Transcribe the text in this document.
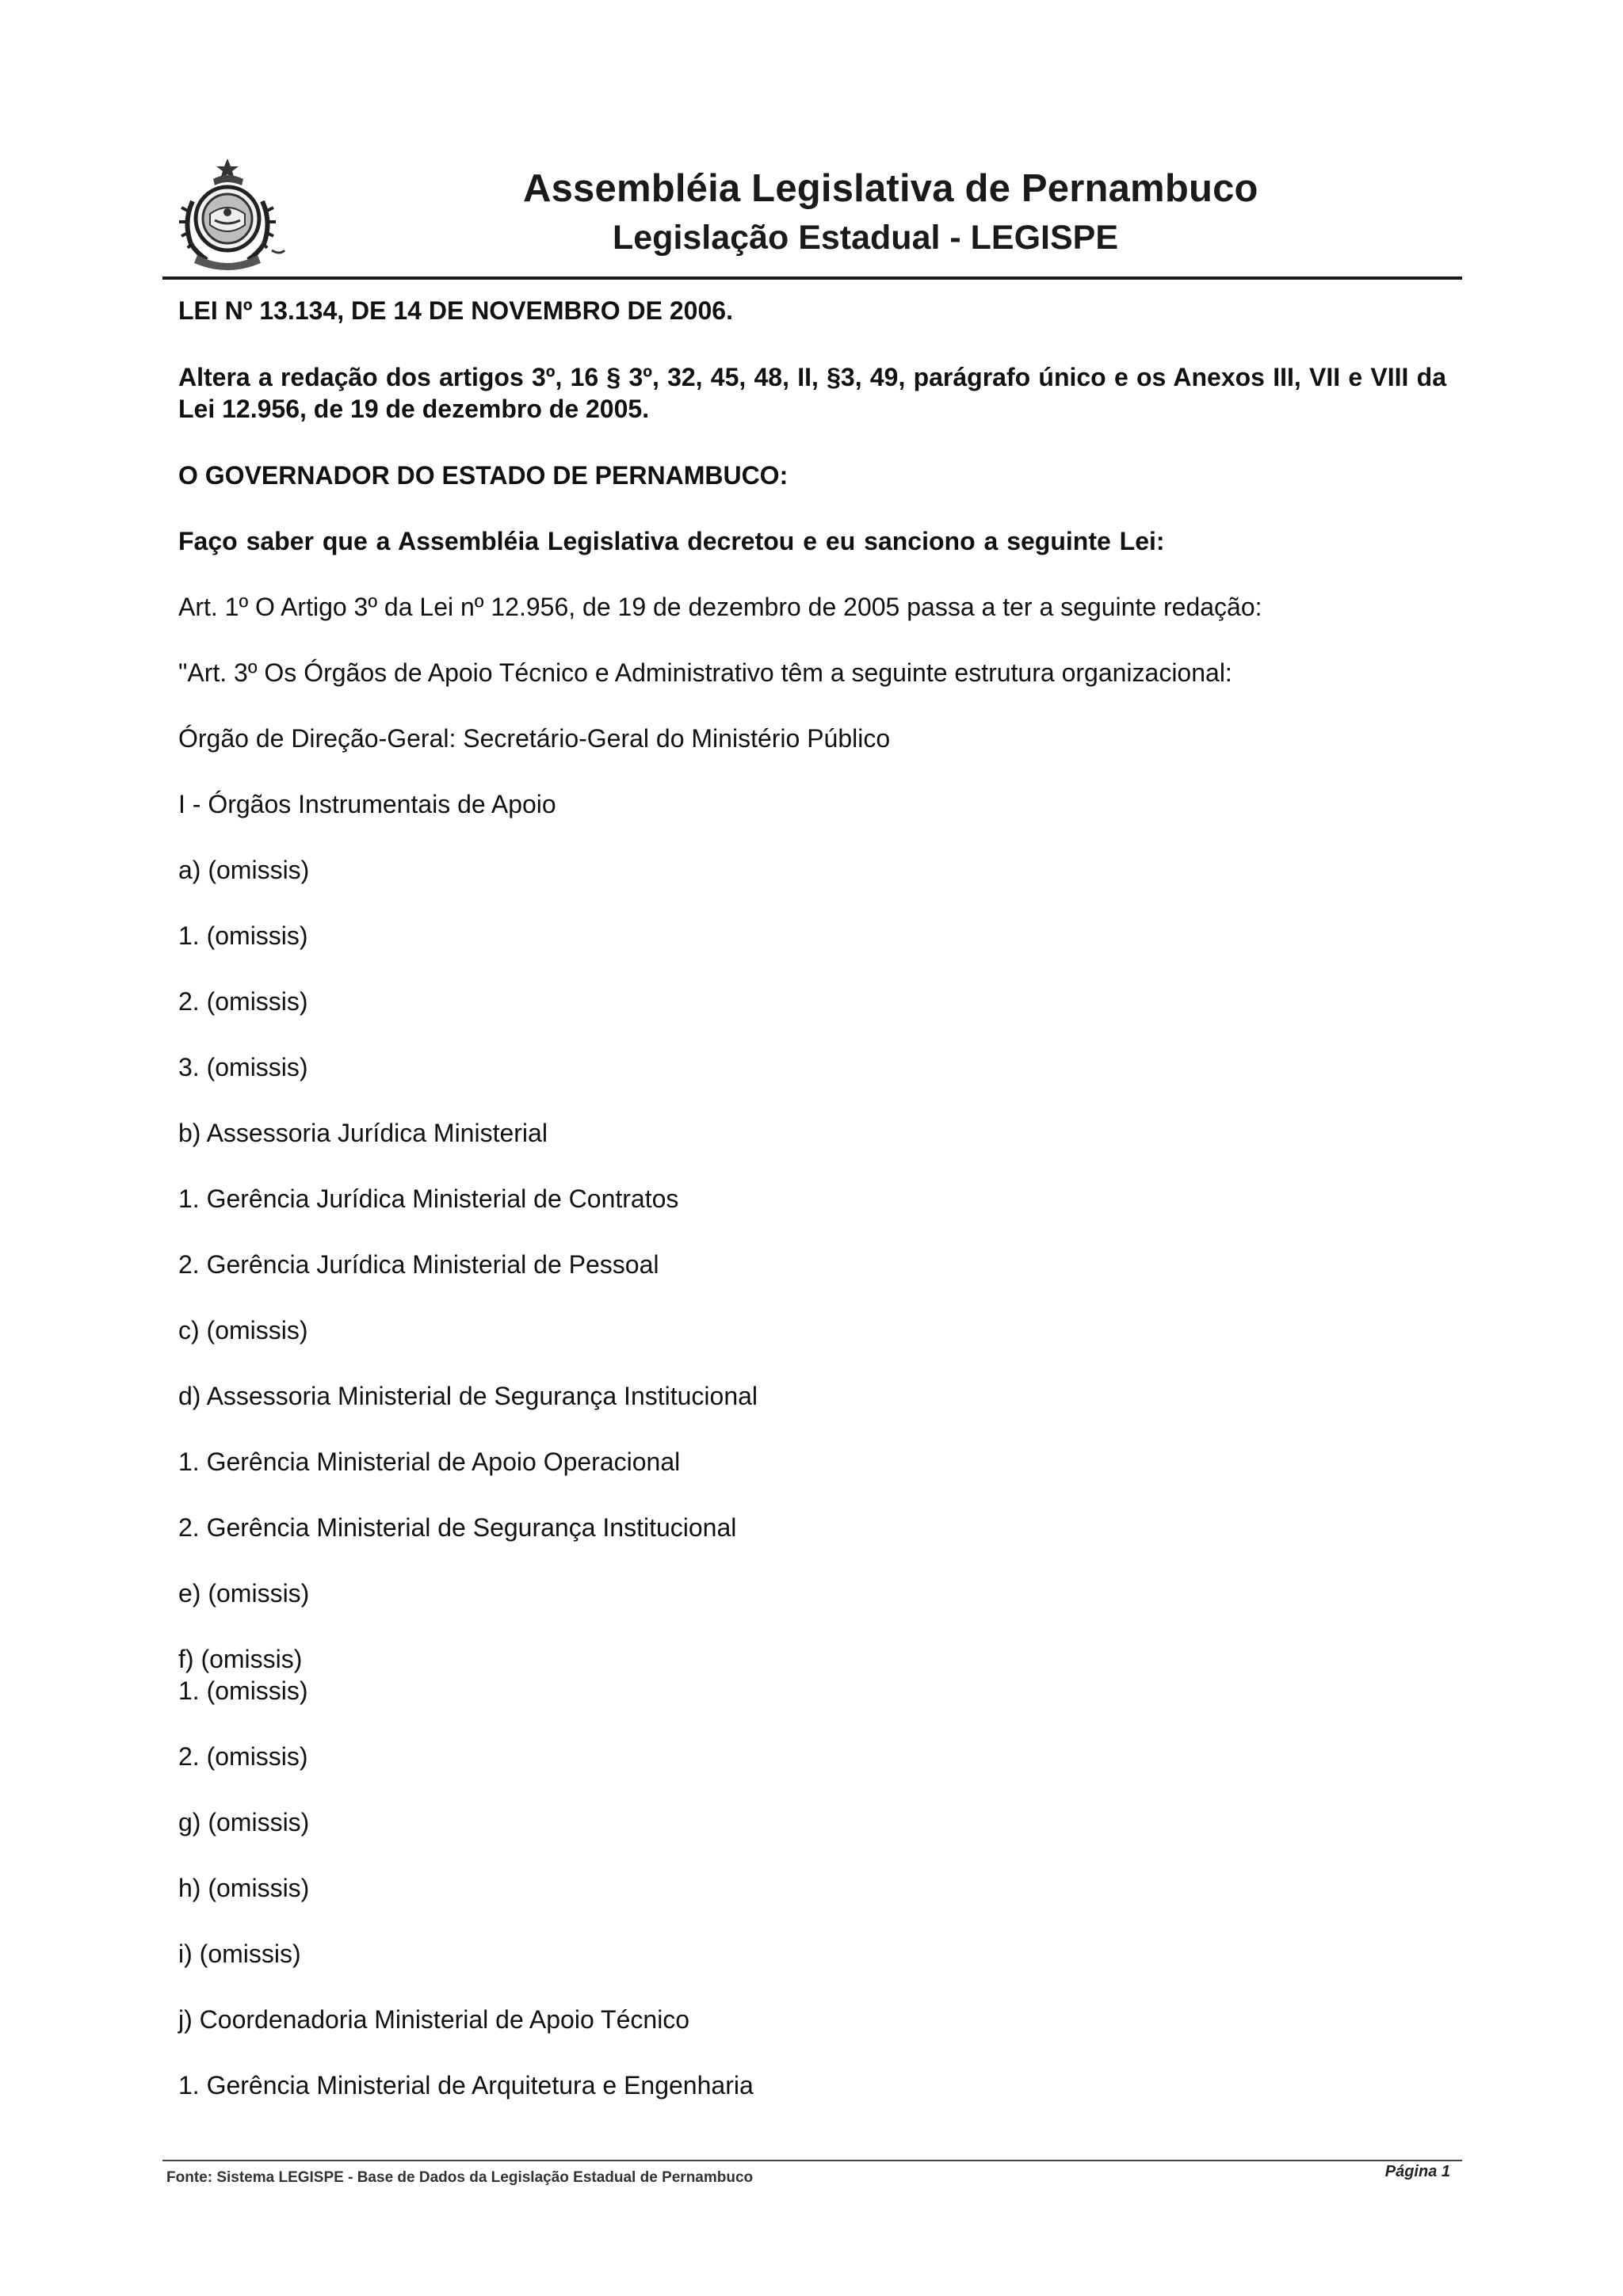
Assembléia Legislativa de Pernambuco
Legislação Estadual - LEGISPE

LEI Nº 13.134, DE 14 DE NOVEMBRO DE 2006.

Altera a redação dos artigos 3º, 16 § 3º, 32, 45, 48, II, §3, 49, parágrafo único e os Anexos III, VII e VIII da Lei 12.956, de 19 de dezembro de 2005.

O GOVERNADOR DO ESTADO DE PERNAMBUCO:

Faço saber que a Assembléia Legislativa decretou e eu sanciono a seguinte Lei:

Art. 1º O Artigo 3º da Lei nº 12.956, de 19 de dezembro de 2005 passa a ter a seguinte redação:

"Art. 3º Os Órgãos de Apoio Técnico e Administrativo têm a seguinte estrutura organizacional:

Órgão de Direção-Geral: Secretário-Geral do Ministério Público

I - Órgãos Instrumentais de Apoio

a) (omissis)

1. (omissis)

2. (omissis)

3. (omissis)

b) Assessoria Jurídica Ministerial

1. Gerência Jurídica Ministerial de Contratos

2. Gerência Jurídica Ministerial de Pessoal

c) (omissis)

d) Assessoria Ministerial de Segurança Institucional

1. Gerência Ministerial de Apoio Operacional

2. Gerência Ministerial de Segurança Institucional

e) (omissis)

f) (omissis)

1. (omissis)

2. (omissis)

g) (omissis)

h) (omissis)

i) (omissis)

j) Coordenadoria Ministerial de Apoio Técnico

1. Gerência Ministerial de Arquitetura e Engenharia

Fonte: Sistema LEGISPE - Base de Dados da Legislação Estadual de Pernambuco	Página 1
